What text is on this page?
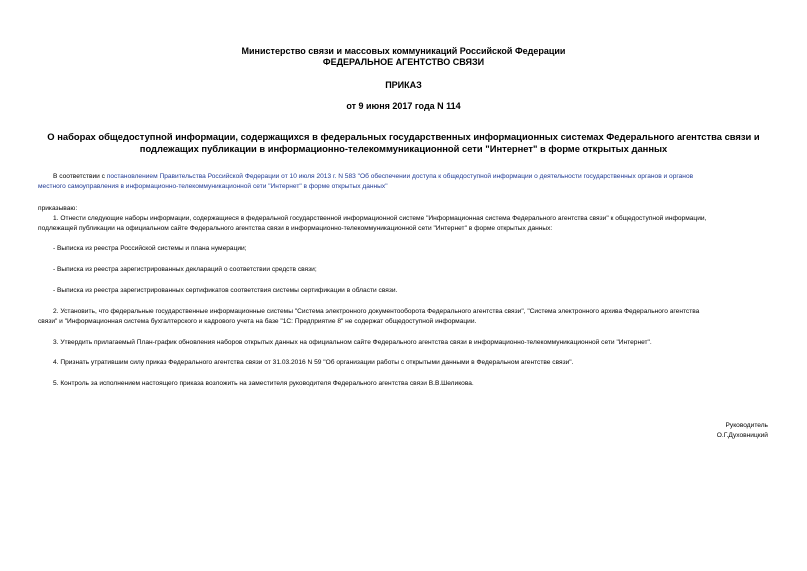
Министерство связи и массовых коммуникаций Российской Федерации
ФЕДЕРАЛЬНОЕ АГЕНТСТВО СВЯЗИ
ПРИКАЗ
от 9 июня 2017 года N 114
О наборах общедоступной информации, содержащихся в федеральных государственных информационных системах Федерального агентства связи и
подлежащих публикации в информационно-телекоммуникационной сети "Интернет" в форме открытых данных
В соответствии с постановлением Правительства Российской Федерации от 10 июля 2013 г. N 583 "Об обеспечении доступа к общедоступной информации о деятельности государственных органов и органов
местного самоуправления в информационно-телекоммуникационной сети "Интернет" в форме открытых данных"
приказываю:
1. Отнести следующие наборы информации, содержащиеся в федеральной государственной информационной системе "Информационная система Федерального агентства связи" к общедоступной информации,
подлежащей публикации на официальном сайте Федерального агентства связи в информационно-телекоммуникационной сети "Интернет" в форме открытых данных:
- Выписка из реестра Российской системы и плана нумерации;
- Выписка из реестра зарегистрированных деклараций о соответствии средств связи;
- Выписка из реестра зарегистрированных сертификатов соответствия системы сертификации в области связи.
2. Установить, что федеральные государственные информационные системы "Система электронного документооборота Федерального агентства связи", "Система электронного архива Федерального агентства
связи" и "Информационная система бухгалтерского и кадрового учета на базе "1С: Предприятие 8" не содержат общедоступной информации.
3. Утвердить прилагаемый План-график обновления наборов открытых данных на официальном сайте Федерального агентства связи в информационно-телекоммуникационной сети "Интернет".
4. Признать утратившим силу приказ Федерального агентства связи от 31.03.2016 N 59 "Об организации работы с открытыми данными в Федеральном агентстве связи".
5. Контроль за исполнением настоящего приказа возложить на заместителя руководителя Федерального агентства связи В.В.Шеликова.
Руководитель
О.Г.Духовницкий
